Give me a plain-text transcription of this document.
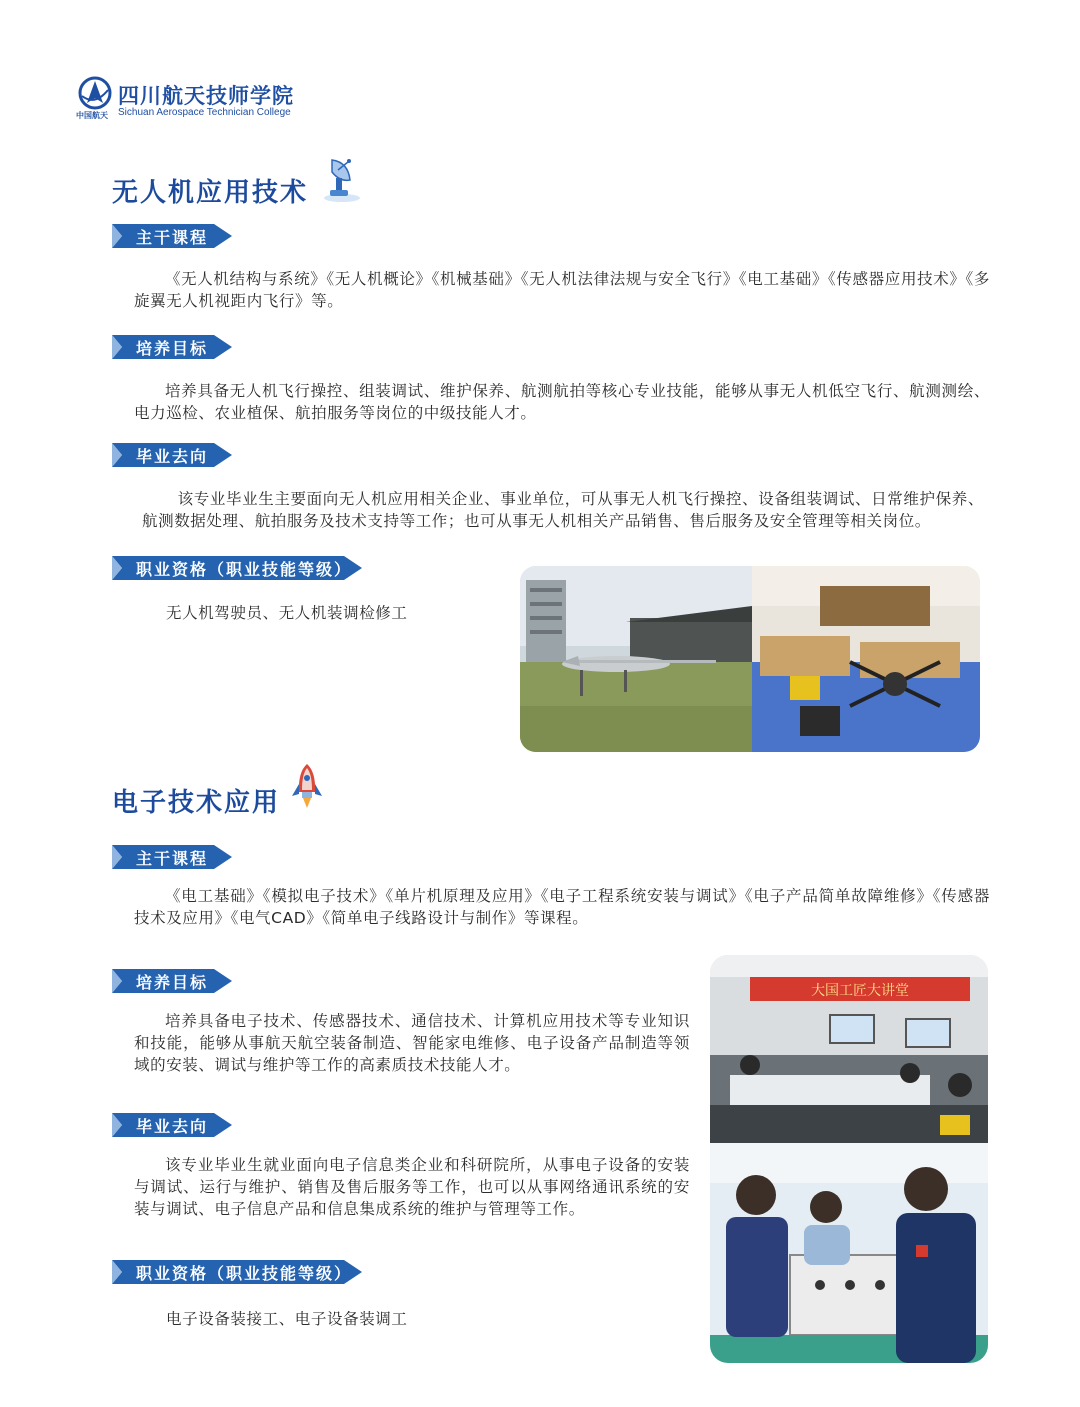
中国航天
四川航天技师学院
Sichuan Aerospace Technician College
无人机应用技术
主干课程
《无人机结构与系统》《无人机概论》《机械基础》《无人机法律法规与安全飞行》《电工基础》《传感器应用技术》《多旋翼无人机视距内飞行》等。
培养目标
培养具备无人机飞行操控、组装调试、维护保养、航测航拍等核心专业技能，能够从事无人机低空飞行、航测测绘、电力巡检、农业植保、航拍服务等岗位的中级技能人才。
毕业去向
该专业毕业生主要面向无人机应用相关企业、事业单位，可从事无人机飞行操控、设备组装调试、日常维护保养、航测数据处理、航拍服务及技术支持等工作；也可从事无人机相关产品销售、售后服务及安全管理等相关岗位。
职业资格（职业技能等级）
无人机驾驶员、无人机装调检修工
电子技术应用
主干课程
《电工基础》《模拟电子技术》《单片机原理及应用》《电子工程系统安装与调试》《电子产品简单故障维修》《传感器技术及应用》《电气CAD》《简单电子线路设计与制作》等课程。
培养目标
培养具备电子技术、传感器技术、通信技术、计算机应用技术等专业知识和技能，能够从事航天航空装备制造、智能家电维修、电子设备产品制造等领域的安装、调试与维护等工作的高素质技术技能人才。
毕业去向
该专业毕业生就业面向电子信息类企业和科研院所，从事电子设备的安装与调试、运行与维护、销售及售后服务等工作，也可以从事网络通讯系统的安装与调试、电子信息产品和信息集成系统的维护与管理等工作。
职业资格（职业技能等级）
电子设备装接工、电子设备装调工
大国工匠大讲堂
